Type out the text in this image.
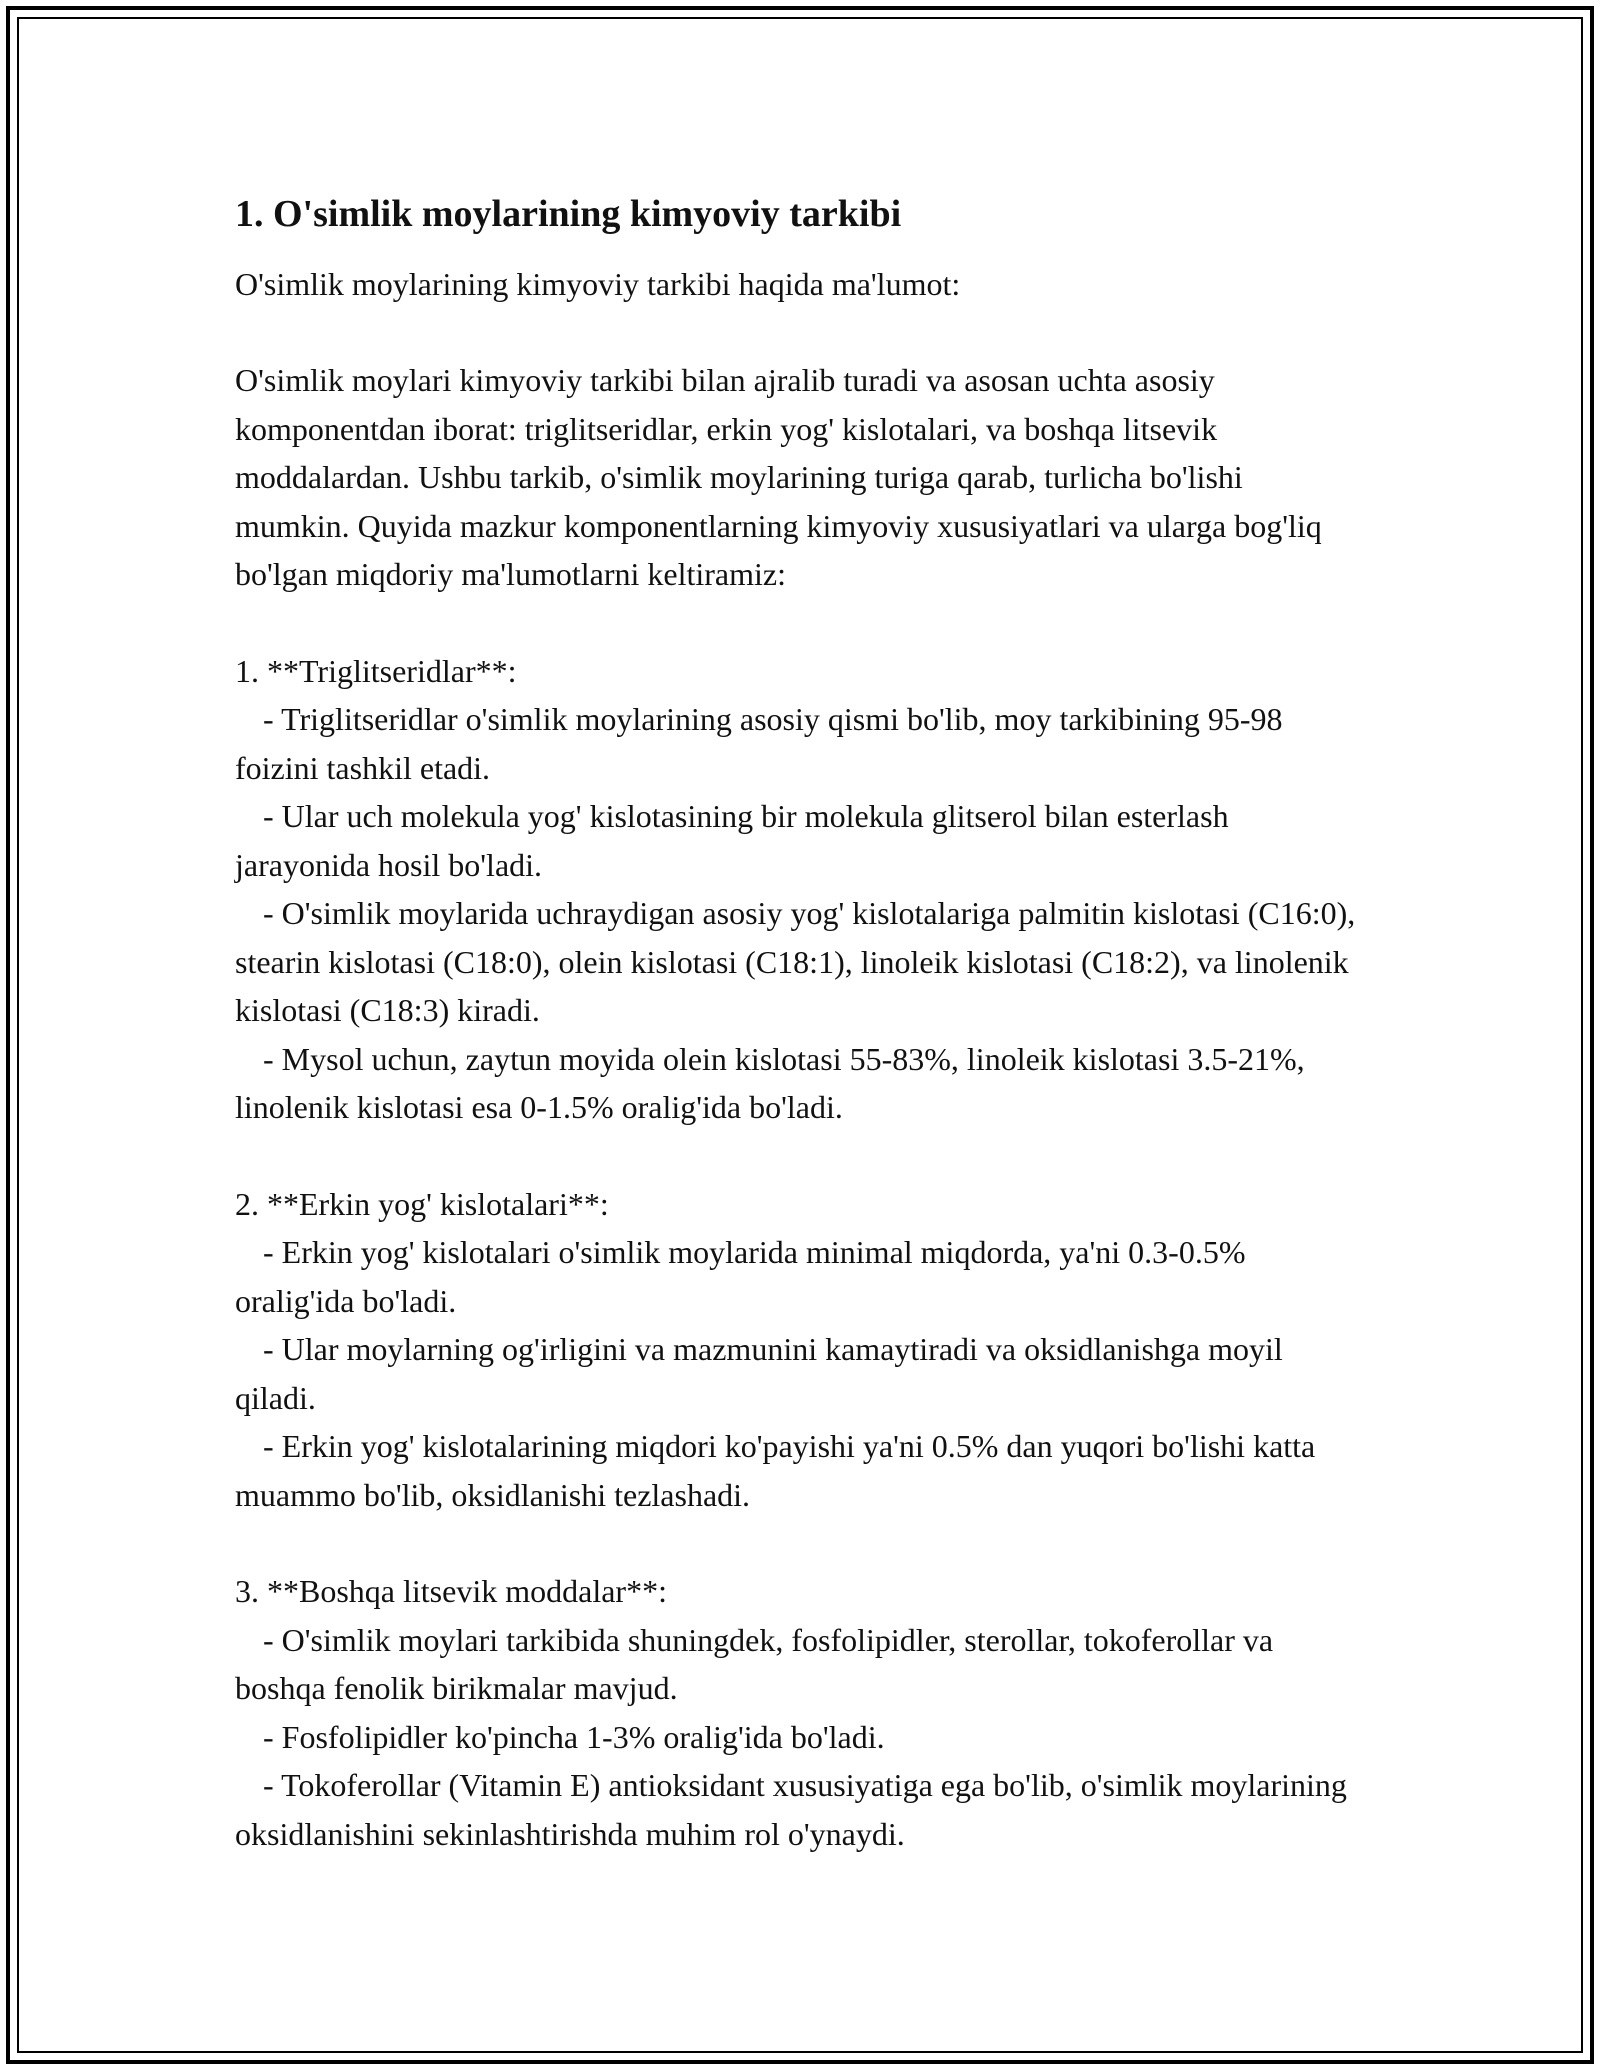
1. O'simlik moylarining kimyoviy tarkibi

O'simlik moylarining kimyoviy tarkibi haqida ma'lumot:

O'simlik moylari kimyoviy tarkibi bilan ajralib turadi va asosan uchta asosiy komponentdan iborat: triglitseridlar, erkin yog' kislotalari, va boshqa litsevik moddalardan. Ushbu tarkib, o'simlik moylarining turiga qarab, turlicha bo'lishi mumkin. Quyida mazkur komponentlarning kimyoviy xususiyatlari va ularga bog'liq bo'lgan miqdoriy ma'lumotlarni keltiramiz:

1. **Triglitseridlar**:

- Triglitseridlar o'simlik moylarining asosiy qismi bo'lib, moy tarkibining 95-98 foizini tashkil etadi.

- Ular uch molekula yog' kislotasining bir molekula glitserol bilan esterlash jarayonida hosil bo'ladi.

- O'simlik moylarida uchraydigan asosiy yog' kislotalariga palmitin kislotasi (C16:0), stearin kislotasi (C18:0), olein kislotasi (C18:1), linoleik kislotasi (C18:2), va linolenik kislotasi (C18:3) kiradi.

- Mysol uchun, zaytun moyida olein kislotasi 55-83%, linoleik kislotasi 3.5-21%, linolenik kislotasi esa 0-1.5% oralig'ida bo'ladi.

2. **Erkin yog' kislotalari**:

- Erkin yog' kislotalari o'simlik moylarida minimal miqdorda, ya'ni 0.3-0.5% oralig'ida bo'ladi.

- Ular moylarning og'irligini va mazmunini kamaytiradi va oksidlanishga moyil qiladi.

- Erkin yog' kislotalarining miqdori ko'payishi ya'ni 0.5% dan yuqori bo'lishi katta muammo bo'lib, oksidlanishi tezlashadi.

3. **Boshqa litsevik moddalar**:

- O'simlik moylari tarkibida shuningdek, fosfolipidler, sterollar, tokoferollar va boshqa fenolik birikmalar mavjud.

- Fosfolipidler ko'pincha 1-3% oralig'ida bo'ladi.

- Tokoferollar (Vitamin E) antioksidant xususiyatiga ega bo'lib, o'simlik moylarining oksidlanishini sekinlashtirishda muhim rol o'ynaydi.
